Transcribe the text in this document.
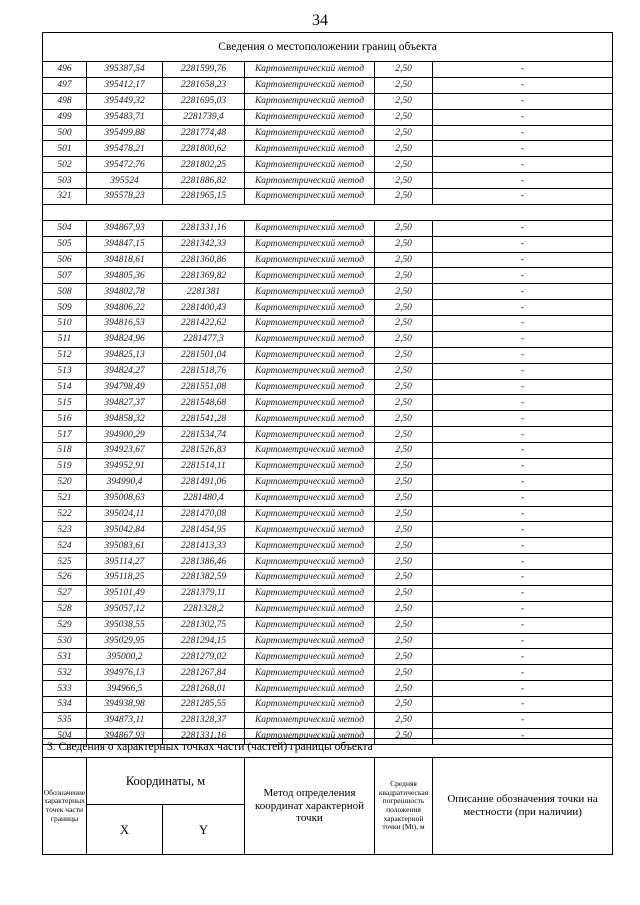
34
Сведения о местоположении границ объекта					
496	395387,54	2281599,76	Картометрический метод	2,50	-
497	395412,17	2281658,23	Картометрический метод	2,50	-
498	395449,32	2281695,03	Картометрический метод	2,50	-
499	395483,71	2281739,4	Картометрический метод	2,50	-
500	395499,88	2281774,48	Картометрический метод	2,50	-
501	395478,21	2281800,62	Картометрический метод	2,50	-
502	395472,76	2281802,25	Картометрический метод	2,50	-
503	395524	2281886,82	Картометрический метод	2,50	-
321	395578,23	2281965,15	Картометрический метод	2,50	-

504	394867,93	2281331,16	Картометрический метод	2,50	-
505	394847,15	2281342,33	Картометрический метод	2,50	-
506	394818,61	2281360,86	Картометрический метод	2,50	-
507	394805,36	2281369,82	Картометрический метод	2,50	-
508	394802,78	2281381	Картометрический метод	2,50	-
509	394806,22	2281400,43	Картометрический метод	2,50	-
510	394816,53	2281422,62	Картометрический метод	2,50	-
511	394824,96	2281477,3	Картометрический метод	2,50	-
512	394825,13	2281501,04	Картометрический метод	2,50	-
513	394824,27	2281518,76	Картометрический метод	2,50	-
514	394798,49	2281551,08	Картометрический метод	2,50	-
515	394827,37	2281548,68	Картометрический метод	2,50	-
516	394858,32	2281541,28	Картометрический метод	2,50	-
517	394900,29	2281534,74	Картометрический метод	2,50	-
518	394923,67	2281526,83	Картометрический метод	2,50	-
519	394952,91	2281514,11	Картометрический метод	2,50	-
520	394990,4	2281491,06	Картометрический метод	2,50	-
521	395008,63	2281480,4	Картометрический метод	2,50	-
522	395024,11	2281470,08	Картометрический метод	2,50	-
523	395042,84	2281454,95	Картометрический метод	2,50	-
524	395083,61	2281413,33	Картометрический метод	2,50	-
525	395114,27	2281386,46	Картометрический метод	2,50	-
526	395118,25	2281382,59	Картометрический метод	2,50	-
527	395101,49	2281379,11	Картометрический метод	2,50	-
528	395057,12	2281328,2	Картометрический метод	2,50	-
529	395038,55	2281302,75	Картометрический метод	2,50	-
530	395029,95	2281294,15	Картометрический метод	2,50	-
531	395000,2	2281279,02	Картометрический метод	2,50	-
532	394976,13	2281267,84	Картометрический метод	2,50	-
533	394966,5	2281268,01	Картометрический метод	2,50	-
534	394938,98	2281285,55	Картометрический метод	2,50	-
535	394873,11	2281328,37	Картометрический метод	2,50	-
504	394867,93	2281331,16	Картометрический метод	2,50	-
3. Сведения о характерных точках части (частей) границы объекта					
Обозначение характерных точек части границы	Координаты, м		Метод определения координат характерной точки	Средняя квадратическая погрешность положения характерной точки (Mt), м	Описание обозначения точки на местности (при наличии)
	X	Y			
